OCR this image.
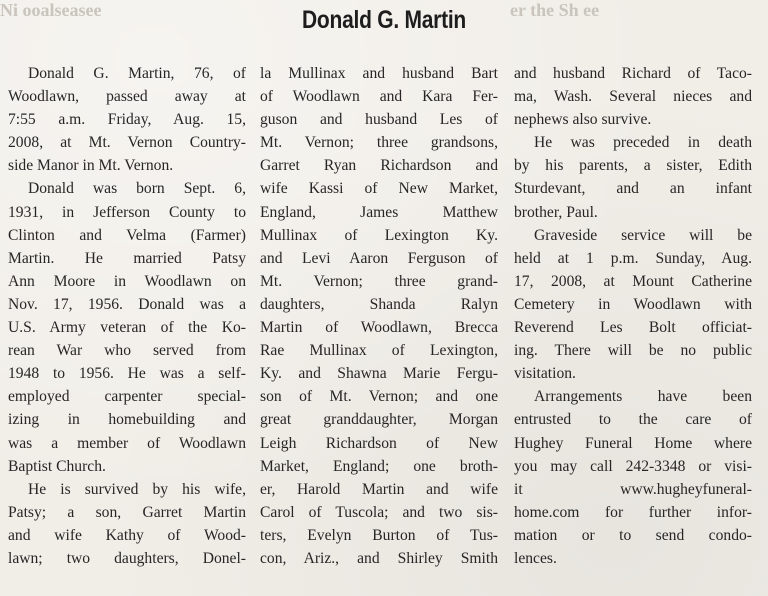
Ni ooalseasee	er the Sh ee
Donald G. Martin
Donald G. Martin, 76, of
Woodlawn, passed away at
7:55 a.m. Friday, Aug. 15,
2008, at Mt. Vernon Country-
side Manor in Mt. Vernon.
Donald was born Sept. 6,
1931, in Jefferson County to
Clinton and Velma (Farmer)
Martin. He married Patsy
Ann Moore in Woodlawn on
Nov. 17, 1956. Donald was a
U.S. Army veteran of the Ko-
rean War who served from
1948 to 1956. He was a self-
employed carpenter special-
izing in homebuilding and
was a member of Woodlawn
Baptist Church.
He is survived by his wife,
Patsy; a son, Garret Martin
and wife Kathy of Wood-
lawn; two daughters, Donel-
la Mullinax and husband Bart
of Woodlawn and Kara Fer-
guson and husband Les of
Mt. Vernon; three grandsons,
Garret Ryan Richardson and
wife Kassi of New Market,
England, James Matthew
Mullinax of Lexington Ky.
and Levi Aaron Ferguson of
Mt. Vernon; three grand-
daughters, Shanda Ralyn
Martin of Woodlawn, Brecca
Rae Mullinax of Lexington,
Ky. and Shawna Marie Fergu-
son of Mt. Vernon; and one
great granddaughter, Morgan
Leigh Richardson of New
Market, England; one broth-
er, Harold Martin and wife
Carol of Tuscola; and two sis-
ters, Evelyn Burton of Tus-
con, Ariz., and Shirley Smith
and husband Richard of Taco-
ma, Wash. Several nieces and
nephews also survive.
He was preceded in death
by his parents, a sister, Edith
Sturdevant, and an infant
brother, Paul.
Graveside service will be
held at 1 p.m. Sunday, Aug.
17, 2008, at Mount Catherine
Cemetery in Woodlawn with
Reverend Les Bolt officiat-
ing. There will be no public
visitation.
Arrangements have been
entrusted to the care of
Hughey Funeral Home where
you may call 242-3348 or visi-
it www.hugheyfuneral-
home.com for further infor-
mation or to send condo-
lences.
